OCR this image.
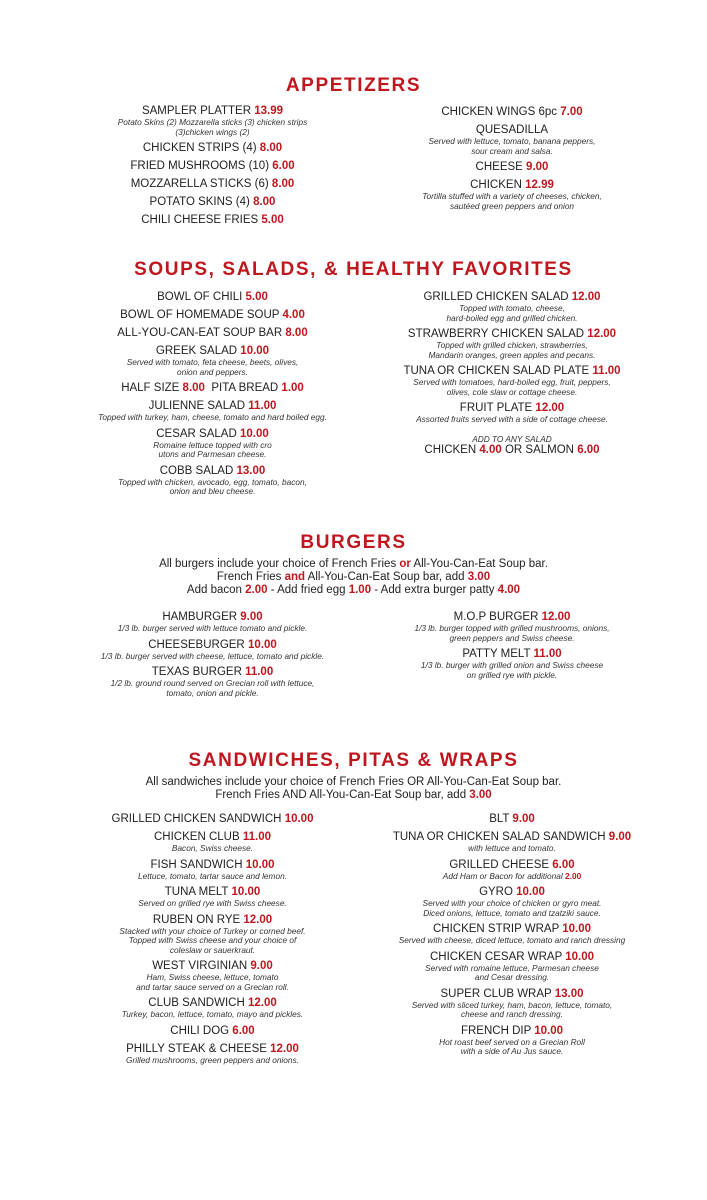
APPETIZERS
SAMPLER PLATTER 13.99
Potato Skins (2) Mozzarella sticks (3) chicken strips
(3)chicken wings (2)
CHICKEN STRIPS (4) 8.00
FRIED MUSHROOMS (10) 6.00
MOZZARELLA STICKS (6) 8.00
POTATO SKINS (4) 8.00
CHILI CHEESE FRIES 5.00
CHICKEN WINGS 6pc 7.00
QUESADILLA
Served with lettuce, tomato, banana peppers,
sour cream and salsa.
CHEESE 9.00
CHICKEN 12.99
Tortilla stuffed with a variety of cheeses, chicken,
sautéed green peppers and onion
SOUPS, SALADS, & HEALTHY FAVORITES
BOWL OF CHILI 5.00
BOWL OF HOMEMADE SOUP 4.00
ALL-YOU-CAN-EAT SOUP BAR 8.00
GREEK SALAD 10.00
Served with tomato, feta cheese, beets, olives,
onion and peppers.
HALF SIZE 8.00  PITA BREAD 1.00
JULIENNE SALAD 11.00
Topped with turkey, ham, cheese, tomato and hard boiled egg.
CESAR SALAD 10.00
Romaine lettuce topped with cro
utons and Parmesan cheese.
COBB SALAD 13.00
Topped with chicken, avocado, egg, tomato, bacon,
onion and bleu cheese.
GRILLED CHICKEN SALAD 12.00
Topped with tomato, cheese,
hard-boiled egg and grilled chicken.
STRAWBERRY CHICKEN SALAD 12.00
Topped with grilled chicken, strawberries,
Mandarin oranges, green apples and pecans.
TUNA OR CHICKEN SALAD PLATE 11.00
Served with tomatoes, hard-boiled egg, fruit, peppers,
olives, cole slaw or cottage cheese.
FRUIT PLATE 12.00
Assorted fruits served with a side of cottage cheese.
ADD TO ANY SALAD
CHICKEN 4.00 OR SALMON 6.00
BURGERS
All burgers include your choice of French Fries or All-You-Can-Eat Soup bar.
French Fries and All-You-Can-Eat Soup bar, add 3.00
Add bacon 2.00 - Add fried egg 1.00 - Add extra burger patty 4.00
HAMBURGER 9.00
1/3 lb. burger served with lettuce tomato and pickle.
CHEESEBURGER 10.00
1/3 lb. burger served with cheese, lettuce, tomato and pickle.
TEXAS BURGER 11.00
1/2 lb. ground round served on Grecian roll with lettuce,
tomato, onion and pickle.
M.O.P BURGER 12.00
1/3 lb. burger topped with grilled mushrooms, onions,
green peppers and Swiss cheese.
PATTY MELT 11.00
1/3 lb. burger with grilled onion and Swiss cheese
on grilled rye with pickle.
SANDWICHES, PITAS & WRAPS
All sandwiches include your choice of French Fries OR All-You-Can-Eat Soup bar.
French Fries AND All-You-Can-Eat Soup bar, add 3.00
GRILLED CHICKEN SANDWICH 10.00
CHICKEN CLUB 11.00
Bacon, Swiss cheese.
FISH SANDWICH 10.00
Lettuce, tomato, tartar sauce and lemon.
TUNA MELT 10.00
Served on grilled rye with Swiss cheese.
RUBEN ON RYE 12.00
Stacked with your choice of Turkey or corned beef.
Topped with Swiss cheese and your choice of
coleslaw or sauerkraut.
WEST VIRGINIAN 9.00
Ham, Swiss cheese, lettuce, tomato
and tartar sauce served on a Grecian roll.
CLUB SANDWICH 12.00
Turkey, bacon, lettuce, tomato, mayo and pickles.
CHILI DOG 6.00
PHILLY STEAK & CHEESE 12.00
Grilled mushrooms, green peppers and onions.
BLT 9.00
TUNA OR CHICKEN SALAD SANDWICH 9.00
with lettuce and tomato.
GRILLED CHEESE 6.00
Add Ham or Bacon for additional 2.00
GYRO 10.00
Served with your choice of chicken or gyro meat.
Diced onions, lettuce, tomato and tzatziki sauce.
CHICKEN STRIP WRAP 10.00
Served with cheese, diced lettuce, tomato and ranch dressing
CHICKEN CESAR WRAP 10.00
Served with romaine lettuce, Parmesan cheese
and Cesar dressing.
SUPER CLUB WRAP 13.00
Served with sliced turkey, ham, bacon, lettuce, tomato,
cheese and ranch dressing.
FRENCH DIP 10.00
Hot roast beef served on a Grecian Roll
with a side of Au Jus sauce.
